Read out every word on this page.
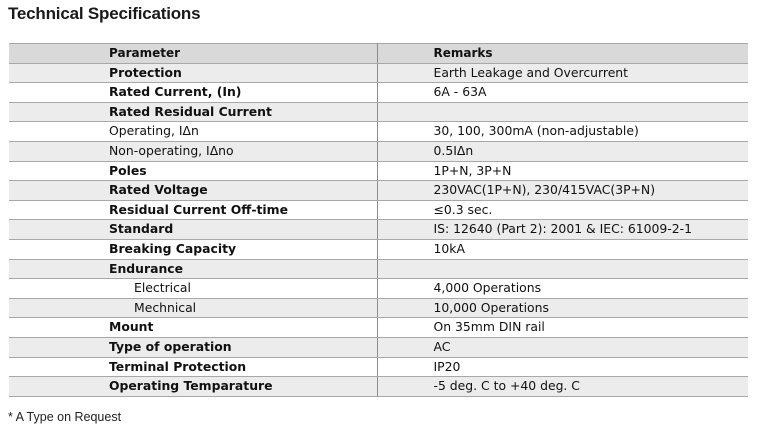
Technical Specifications
Parameter	Remarks
Protection	Earth Leakage and Overcurrent
Rated Current, (In)	6A - 63A
Rated Residual Current	
Operating, IΔn	30, 100, 300mA (non-adjustable)
Non-operating, IΔno	0.5IΔn
Poles	1P+N, 3P+N
Rated Voltage	230VAC(1P+N), 230/415VAC(3P+N)
Residual Current Off-time	≤0.3 sec.
Standard	IS: 12640 (Part 2): 2001 & IEC: 61009-2-1
Breaking Capacity	10kA
Endurance	
Electrical	4,000 Operations
Mechnical	10,000 Operations
Mount	On 35mm DIN rail
Type of operation	AC
Terminal Protection	IP20
Operating Temparature	-5 deg. C to +40 deg. C
* A Type on Request
